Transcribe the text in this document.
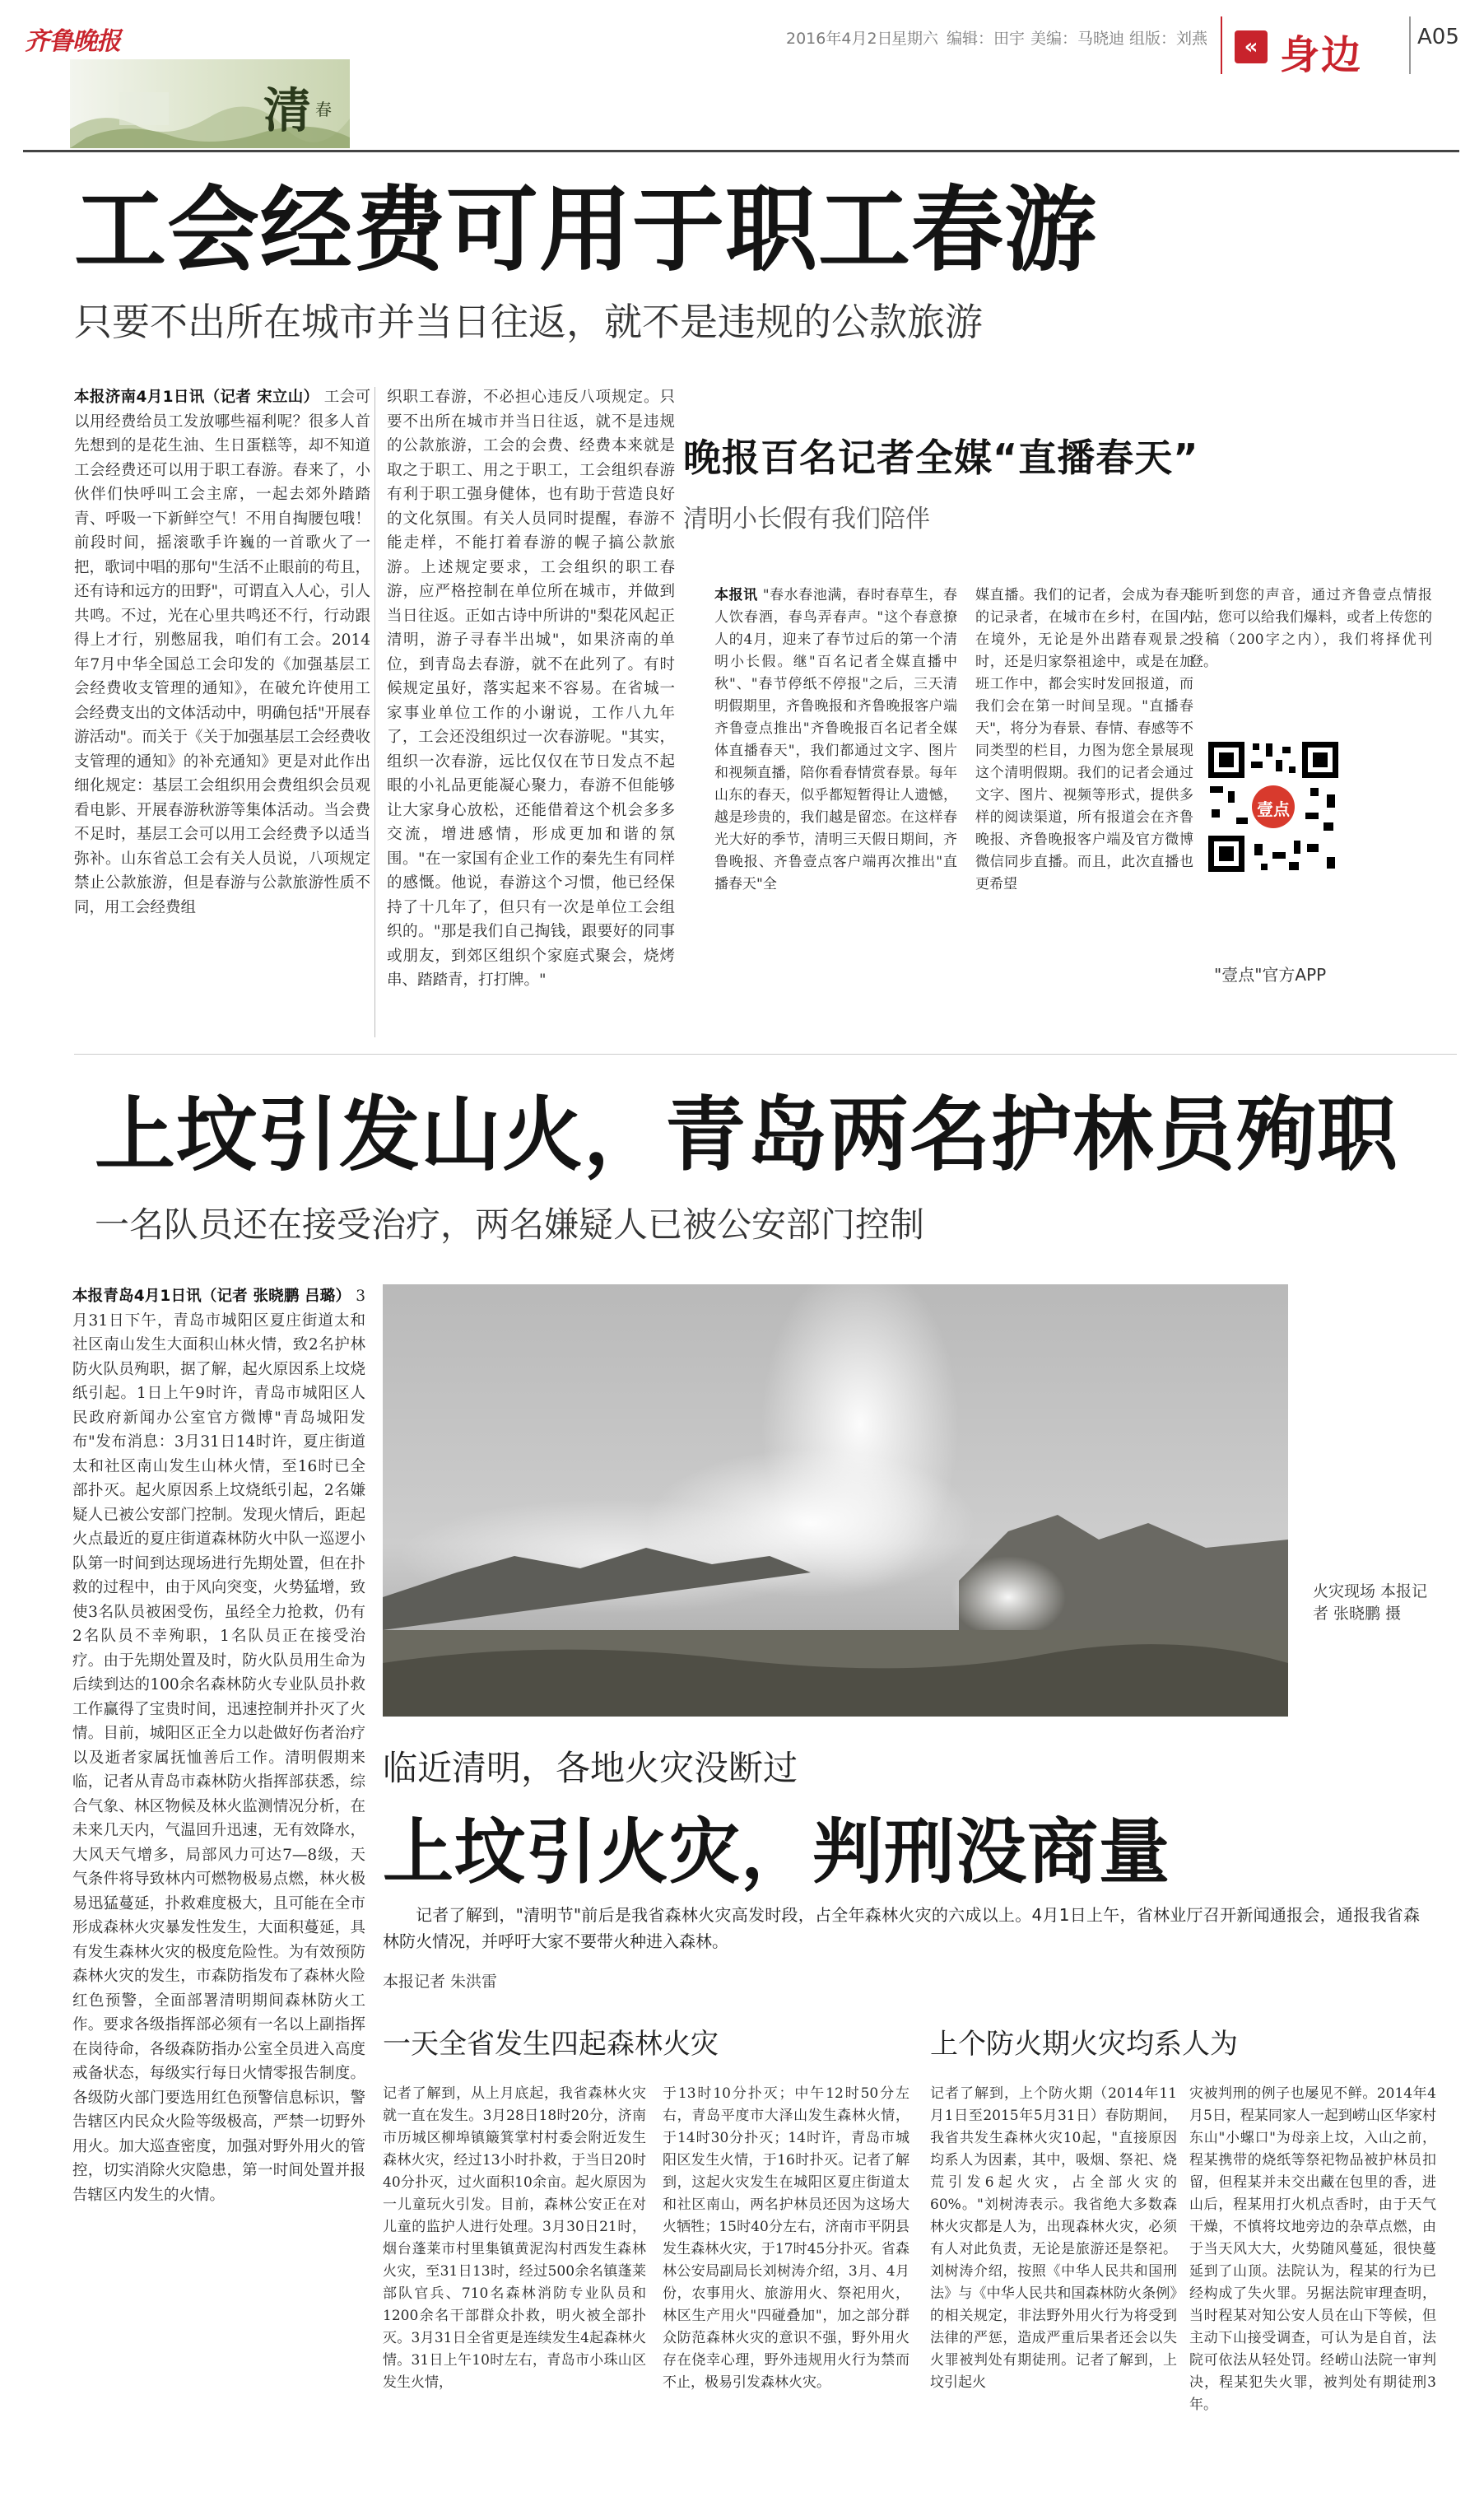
齐鲁晚报	2016年4月2日
星期六 编辑：田宇 美编：马晓迪 组版：刘燕	« 身边	A05
清 春
工会经费可用于职工春游
只要不出所在城市并当日往返，就不是违规的公款旅游
本报济南4月1日讯（记者 宋立山） 工会可以用经费给员工发放哪些福利呢？很多人首先想到的是花生油、生日蛋糕等，却不知道工会经费还可以用于职工春游。春来了，小伙伴们快呼叫工会主席，一起去郊外踏踏青、呼吸一下新鲜空气！不用自掏腰包哦！前段时间，摇滚歌手许巍的一首歌火了一把，歌词中唱的那句"生活不止眼前的苟且，还有诗和远方的田野"，可谓直入人心，引人共鸣。不过，光在心里共鸣还不行，行动跟得上才行，别憋屈我，咱们有工会。2014年7月中华全国总工会印发的《加强基层工会经费收支管理的通知》，在破允许使用工会经费支出的文体活动中，明确包括"开展春游活动"。而关于《关于加强基层工会经费收支管理的通知》的补充通知》更是对此作出细化规定：基层工会组织用会费组织会员观看电影、开展春游秋游等集体活动。当会费不足时，基层工会可以用工会经费予以适当弥补。山东省总工会有关人员说，八项规定禁止公款旅游，但是春游与公款旅游性质不同，用工会经费组
织职工春游，不必担心违反八项规定。只要不出所在城市并当日往返，就不是违规的公款旅游，工会的会费、经费本来就是取之于职工、用之于职工，工会组织春游有利于职工强身健体，也有助于营造良好的文化氛围。有关人员同时提醒，春游不能走样，不能打着春游的幌子搞公款旅游。上述规定要求，工会组织的职工春游，应严格控制在单位所在城市，并做到当日往返。正如古诗中所讲的"梨花风起正清明，游子寻春半出城"，如果济南的单位，到青岛去春游，就不在此列了。有时候规定虽好，落实起来不容易。在省城一家事业单位工作的小谢说，工作八九年了，工会还没组织过一次春游呢。"其实，组织一次春游，远比仅仅在节日发点不起眼的小礼品更能凝心聚力，春游不但能够让大家身心放松，还能借着这个机会多多交流，增进感情，形成更加和谐的氛围。"在一家国有企业工作的秦先生有同样的感慨。他说，春游这个习惯，他已经保持了十几年了，但只有一次是单位工会组织的。"那是我们自己掏钱，跟要好的同事或朋友，到郊区组织个家庭式聚会，烧烤串、踏踏青，打打牌。"
晚报百名记者全媒“直播春天”
清明小长假有我们陪伴
本报讯 "春水春池满，春时春草生，春人饮春酒，春鸟弄春声。"这个春意撩人的4月，迎来了春节过后的第一个清明小长假。继"百名记者全媒直播中秋"、"春节停纸不停报"之后，三天清明假期里，齐鲁晚报和齐鲁晚报客户端齐鲁壹点推出"齐鲁晚报百名记者全媒体直播春天"，我们都通过文字、图片和视频直播，陪你看春情赏春景。每年山东的春天，似乎都短暂得让人遗憾，越是珍贵的，我们越是留恋。在这样春光大好的季节，清明三天假日期间，齐鲁晚报、齐鲁壹点客户端再次推出"直播春天"全
媒直播。我们的记者，会成为春天的记录者，在城市在乡村，在国内在境外，无论是外出踏春观景之时，还是归家祭祖途中，或是在加班工作中，都会实时发回报道，而我们会在第一时间呈现。"直播春天"，将分为春景、春情、春感等不同类型的栏目，力图为您全景展现这个清明假期。我们的记者会通过文字、图片、视频等形式，提供多样的阅读渠道，所有报道会在齐鲁晚报、齐鲁晚报客户端及官方微博微信同步直播。而且，此次直播也更希望
能听到您的声音，通过齐鲁壹点情报站，您可以给我们爆料，或者上传您的投稿（200字之内），我们将择优刊登。
壹点
"壹点"官方APP
上坟引发山火，青岛两名护林员殉职
一名队员还在接受治疗，两名嫌疑人已被公安部门控制
本报青岛4月1日讯（记者 张晓鹏 吕璐） 3月31日下午，青岛市城阳区夏庄街道太和社区南山发生大面积山林火情，致2名护林防火队员殉职，据了解，起火原因系上坟烧纸引起。1日上午9时许，青岛市城阳区人民政府新闻办公室官方微博"青岛城阳发布"发布消息：3月31日14时许，夏庄街道太和社区南山发生山林火情，至16时已全部扑灭。起火原因系上坟烧纸引起，2名嫌疑人已被公安部门控制。发现火情后，距起火点最近的夏庄街道森林防火中队一巡逻小队第一时间到达现场进行先期处置，但在扑救的过程中，由于风向突变，火势猛增，致使3名队员被困受伤，虽经全力抢救，仍有2名队员不幸殉职，1名队员正在接受治疗。由于先期处置及时，防火队员用生命为后续到达的100余名森林防火专业队员扑救工作赢得了宝贵时间，迅速控制并扑灭了火情。目前，城阳区正全力以赴做好伤者治疗以及逝者家属抚恤善后工作。清明假期来临，记者从青岛市森林防火指挥部获悉，综合气象、林区物候及林火监测情况分析，在未来几天内，气温回升迅速，无有效降水，大风天气增多，局部风力可达7—8级，天气条件将导致林内可燃物极易点燃，林火极易迅猛蔓延，扑救难度极大，且可能在全市形成森林火灾暴发性发生，大面积蔓延，具有发生森林火灾的极度危险性。为有效预防森林火灾的发生，市森防指发布了森林火险红色预警，全面部署清明期间森林防火工作。要求各级指挥部必须有一名以上副指挥在岗待命，各级森防指办公室全员进入高度戒备状态，每级实行每日火情零报告制度。各级防火部门要选用红色预警信息标识，警告辖区内民众火险等级极高，严禁一切野外用火。加大巡查密度，加强对野外用火的管控，切实消除火灾隐患，第一时间处置并报告辖区内发生的火情。
火灾现场 本报记者 张晓鹏 摄
临近清明，各地火灾没断过
上坟引火灾，判刑没商量
记者了解到，"清明节"前后是我省森林火灾高发时段，占全年森林火灾的六成以上。4月1日上午，省林业厅召开新闻通报会，通报我省森林防火情况，并呼吁大家不要带火种进入森林。
本报记者 朱洪雷
一天全省发生四起森林火灾
记者了解到，从上月底起，我省森林火灾就一直在发生。3月28日18时20分，济南市历城区柳埠镇簸箕掌村村委会附近发生森林火灾，经过13小时扑救，于当日20时40分扑灭，过火面积10余亩。起火原因为一儿童玩火引发。目前，森林公安正在对儿童的监护人进行处理。3月30日21时，烟台蓬莱市村里集镇黄泥沟村西发生森林火灾，至31日13时，经过500余名镇蓬莱部队官兵、710名森林消防专业队员和1200余名干部群众扑救，明火被全部扑灭。3月31日全省更是连续发生4起森林火情。31日上午10时左右，青岛市小珠山区发生火情，
于13时10分扑灭；中午12时50分左右，青岛平度市大泽山发生森林火情，于14时30分扑灭；14时许，青岛市城阳区发生火情，于16时扑灭。记者了解到，这起火灾发生在城阳区夏庄街道太和社区南山，两名护林员还因为这场大火牺牲；15时40分左右，济南市平阴县发生森林火灾，于17时45分扑灭。省森林公安局副局长刘树涛介绍，3月、4月份，农事用火、旅游用火、祭祀用火，林区生产用火"四碰叠加"，加之部分群众防范森林火灾的意识不强，野外用火存在侥幸心理，野外违规用火行为禁而不止，极易引发森林火灾。
上个防火期火灾均系人为
记者了解到，上个防火期（2014年11月1日至2015年5月31日）春防期间，我省共发生森林火灾10起，"直接原因均系人为因素，其中，吸烟、祭祀、烧荒引发6起火灾，占全部火灾的60%。"刘树涛表示。我省绝大多数森林火灾都是人为，出现森林火灾，必须有人对此负责，无论是旅游还是祭祀。刘树涛介绍，按照《中华人民共和国刑法》与《中华人民共和国森林防火条例》的相关规定，非法野外用火行为将受到法律的严惩，造成严重后果者还会以失火罪被判处有期徒刑。记者了解到，上坟引起火
灾被判刑的例子也屡见不鲜。2014年4月5日，程某同家人一起到崂山区华家村东山"小螺口"为母亲上坟，入山之前，程某携带的烧纸等祭祀物品被护林员扣留，但程某并未交出藏在包里的香，进山后，程某用打火机点香时，由于天气干燥，不慎将坟地旁边的杂草点燃，由于当天风大大，火势随风蔓延，很快蔓延到了山顶。法院认为，程某的行为已经构成了失火罪。另据法院审理查明，当时程某对知公安人员在山下等候，但主动下山接受调查，可认为是自首，法院可依法从轻处罚。经崂山法院一审判决，程某犯失火罪，被判处有期徒刑3年。
